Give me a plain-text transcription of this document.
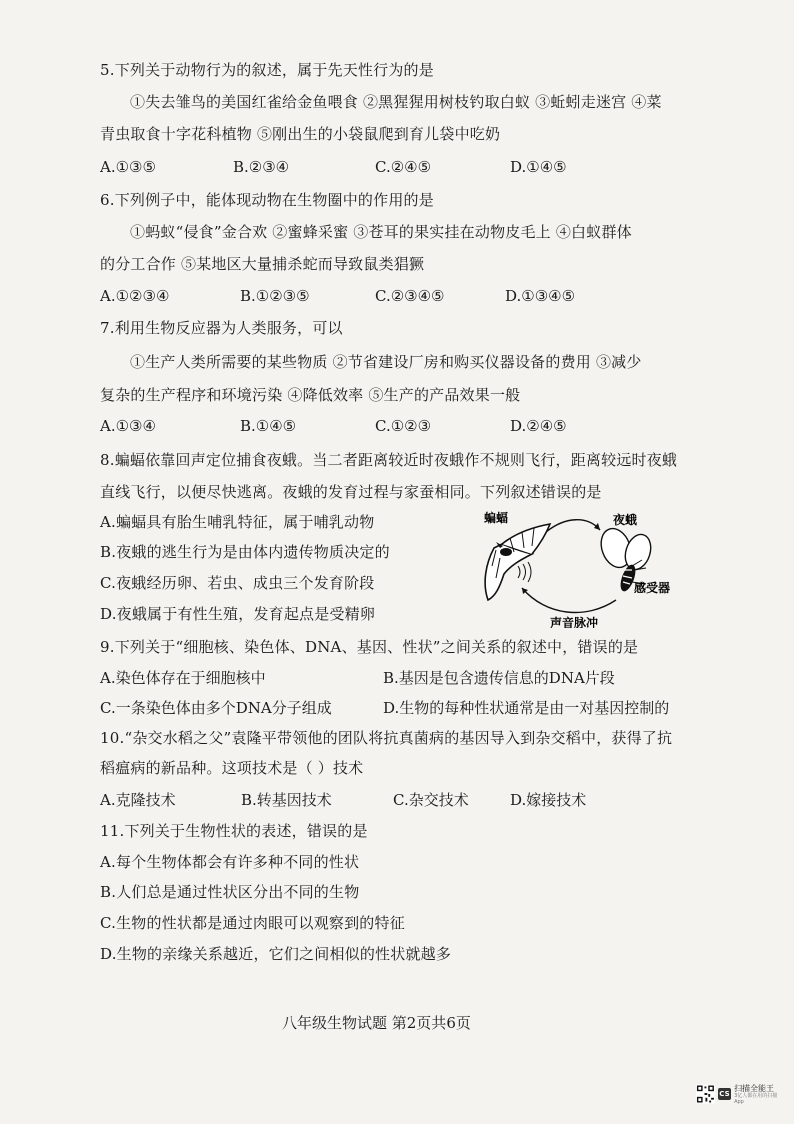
5.下列关于动物行为的叙述，属于先天性行为的是
①失去雏鸟的美国红雀给金鱼喂食 ②黑猩猩用树枝钓取白蚁 ③蚯蚓走迷宫 ④菜
青虫取食十字花科植物 ⑤刚出生的小袋鼠爬到育儿袋中吃奶
A.①③⑤	B.②③④	C.②④⑤	D.①④⑤
6.下列例子中，能体现动物在生物圈中的作用的是
①蚂蚁“侵食”金合欢 ②蜜蜂采蜜 ③苍耳的果实挂在动物皮毛上 ④白蚁群体
的分工合作 ⑤某地区大量捕杀蛇而导致鼠类猖獗
A.①②③④	B.①②③⑤	C.②③④⑤	D.①③④⑤
7.利用生物反应器为人类服务，可以
①生产人类所需要的某些物质 ②节省建设厂房和购买仪器设备的费用 ③减少
复杂的生产程序和环境污染 ④降低效率 ⑤生产的产品效果一般
A.①③④	B.①④⑤	C.①②③	D.②④⑤
8.蝙蝠依靠回声定位捕食夜蛾。当二者距离较近时夜蛾作不规则飞行，距离较远时夜蛾
直线飞行，以便尽快逃离。夜蛾的发育过程与家蚕相同。下列叙述错误的是
A.蝙蝠具有胎生哺乳特征，属于哺乳动物
B.夜蛾的逃生行为是由体内遗传物质决定的
C.夜蛾经历卵、若虫、成虫三个发育阶段
D.夜蛾属于有性生殖，发育起点是受精卵
蝙蝠	夜蛾
感受器
声音脉冲
9.下列关于“细胞核、染色体、DNA、基因、性状”之间关系的叙述中，错误的是
A.染色体存在于细胞核中	B.基因是包含遗传信息的DNA片段
C.一条染色体由多个DNA分子组成	D.生物的每种性状通常是由一对基因控制的
10.“杂交水稻之父”袁隆平带领他的团队将抗真菌病的基因导入到杂交稻中，获得了抗
稻瘟病的新品种。这项技术是（ ）技术
A.克隆技术	B.转基因技术	C.杂交技术	D.嫁接技术
11.下列关于生物性状的表述，错误的是
A.每个生物体都会有许多种不同的性状
B.人们总是通过性状区分出不同的生物
C.生物的性状都是通过肉眼可以观察到的特征
D.生物的亲缘关系越近，它们之间相似的性状就越多
八年级生物试题 第2页共6页
CS
扫描全能王
3亿人都在用的扫描App
